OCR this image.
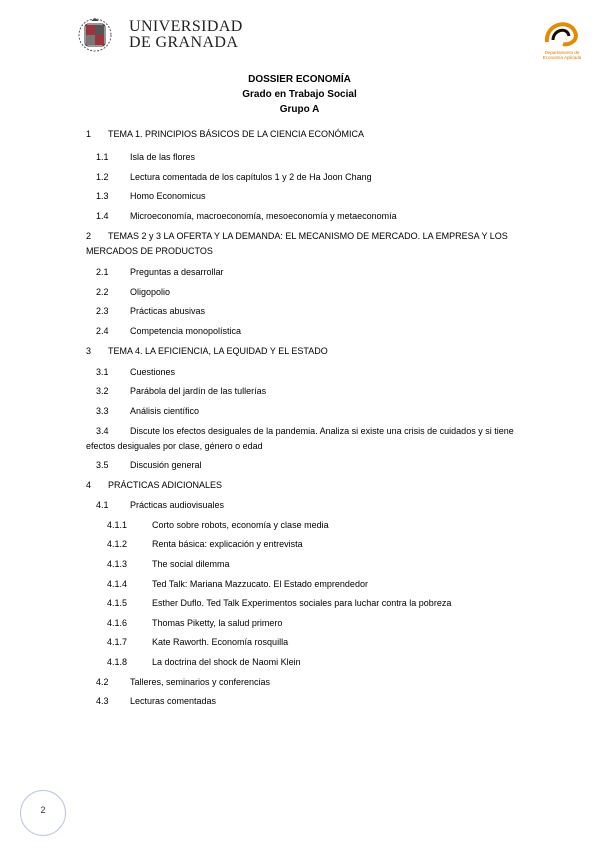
UNIVERSIDAD
DE GRANADA
Departamento de Economía Aplicada
DOSSIER ECONOMÍA
Grado en Trabajo Social
Grupo A
1 TEMA 1. PRINCIPIOS BÁSICOS DE LA CIENCIA ECONÓMICA
1.1 Isla de las flores
1.2 Lectura comentada de los capítulos 1 y 2 de Ha Joon Chang
1.3 Homo Economicus
1.4 Microeconomía, macroeconomía, mesoeconomía y metaeconomía
2 TEMAS 2 y 3 LA OFERTA Y LA DEMANDA: EL MECANISMO DE MERCADO. LA EMPRESA Y LOS MERCADOS DE PRODUCTOS
2.1 Preguntas a desarrollar
2.2 Oligopolio
2.3 Prácticas abusivas
2.4 Competencia monopolística
3 TEMA 4. LA EFICIENCIA, LA EQUIDAD Y EL ESTADO
3.1 Cuestiones
3.2 Parábola del jardín de las tullerías
3.3 Análisis científico
3.4 Discute los efectos desiguales de la pandemia. Analiza si existe una crisis de cuidados y si tiene efectos desiguales por clase, género o edad
3.5 Discusión general
4 PRÁCTICAS ADICIONALES
4.1 Prácticas audiovisuales
4.1.1	Corto sobre robots, economía y clase media
4.1.2	Renta básica: explicación y entrevista
4.1.3	The social dilemma
4.1.4	Ted Talk: Mariana Mazzucato. El Estado emprendedor
4.1.5	Esther Duflo. Ted Talk Experimentos sociales para luchar contra la pobreza
4.1.6	Thomas Piketty, la salud primero
4.1.7	Kate Raworth. Economía rosquilla
4.1.8	La doctrina del shock de Naomi Klein
4.2 Talleres, seminarios y conferencias
4.3 Lecturas comentadas
2
